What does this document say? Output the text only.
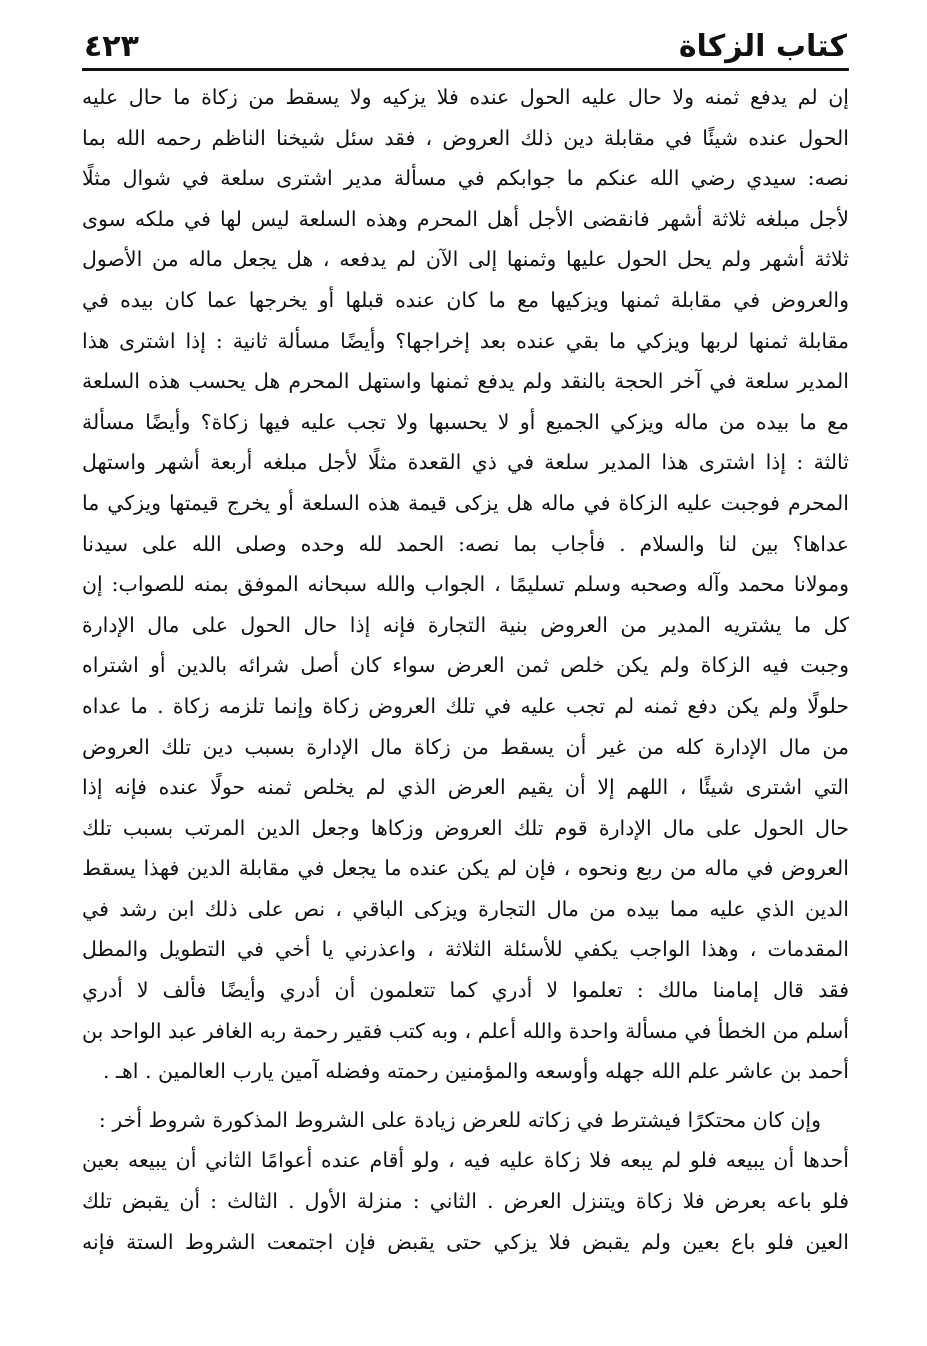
كتاب الزكاة
٤٢٣
إن لم يدفع ثمنه ولا حال عليه الحول عنده فلا يزكيه ولا يسقط من زكاة ما حال عليه
الحول عنده شيئًا في مقابلة دين ذلك العروض ، فقد سئل شيخنا الناظم رحمه الله بما
نصه: سيدي رضي الله عنكم ما جوابكم في مسألة مدير اشترى سلعة في شوال مثلًا
لأجل مبلغه ثلاثة أشهر فانقضى الأجل أهل المحرم وهذه السلعة ليس لها في ملكه سوى
ثلاثة أشهر ولم يحل الحول عليها وثمنها إلى الآن لم يدفعه ، هل يجعل ماله من الأصول
والعروض في مقابلة ثمنها ويزكيها مع ما كان عنده قبلها أو يخرجها عما كان بيده في
مقابلة ثمنها لربها ويزكي ما بقي عنده بعد إخراجها؟ وأيضًا مسألة ثانية : إذا اشترى هذا
المدير سلعة في آخر الحجة بالنقد ولم يدفع ثمنها واستهل المحرم هل يحسب هذه السلعة
مع ما بيده من ماله ويزكي الجميع أو لا يحسبها ولا تجب عليه فيها زكاة؟ وأيضًا مسألة
ثالثة : إذا اشترى هذا المدير سلعة في ذي القعدة مثلًا لأجل مبلغه أربعة أشهر واستهل
المحرم فوجبت عليه الزكاة في ماله هل يزكى قيمة هذه السلعة أو يخرج قيمتها ويزكي ما
عداها؟ بين لنا والسلام . فأجاب بما نصه: الحمد لله وحده وصلى الله على سيدنا
ومولانا محمد وآله وصحبه وسلم تسليمًا ، الجواب والله سبحانه الموفق بمنه للصواب: إن
كل ما يشتريه المدير من العروض بنية التجارة فإنه إذا حال الحول على مال الإدارة
وجبت فيه الزكاة ولم يكن خلص ثمن العرض سواء كان أصل شرائه بالدين أو اشتراه
حلولًا ولم يكن دفع ثمنه لم تجب عليه في تلك العروض زكاة وإنما تلزمه زكاة . ما عداه
من مال الإدارة كله من غير أن يسقط من زكاة مال الإدارة بسبب دين تلك العروض
التي اشترى شيئًا ، اللهم إلا أن يقيم العرض الذي لم يخلص ثمنه حولًا عنده فإنه إذا
حال الحول على مال الإدارة قوم تلك العروض وزكاها وجعل الدين المرتب بسبب تلك
العروض في ماله من ربع ونحوه ، فإن لم يكن عنده ما يجعل في مقابلة الدين فهذا يسقط
الدين الذي عليه مما بيده من مال التجارة ويزكى الباقي ، نص على ذلك ابن رشد في
المقدمات ، وهذا الواجب يكفي للأسئلة الثلاثة ، واعذرني يا أخي في التطويل والمطل
فقد قال إمامنا مالك : تعلموا لا أدري كما تتعلمون أن أدري وأيضًا فألف لا أدري
أسلم من الخطأ في مسألة واحدة والله أعلم ، وبه كتب فقير رحمة ربه الغافر عبد الواحد بن
أحمد بن عاشر علم الله جهله وأوسعه والمؤمنين رحمته وفضله آمين يارب العالمين . اهـ .
وإن كان محتكرًا فيشترط في زكاته للعرض زيادة على الشروط المذكورة شروط أخر :
أحدها أن يبيعه فلو لم يبعه فلا زكاة عليه فيه ، ولو أقام عنده أعوامًا الثاني أن يبيعه بعين
فلو باعه بعرض فلا زكاة ويتنزل العرض . الثاني : منزلة الأول . الثالث : أن يقبض تلك
العين فلو باع بعين ولم يقبض فلا يزكي حتى يقبض فإن اجتمعت الشروط الستة فإنه
